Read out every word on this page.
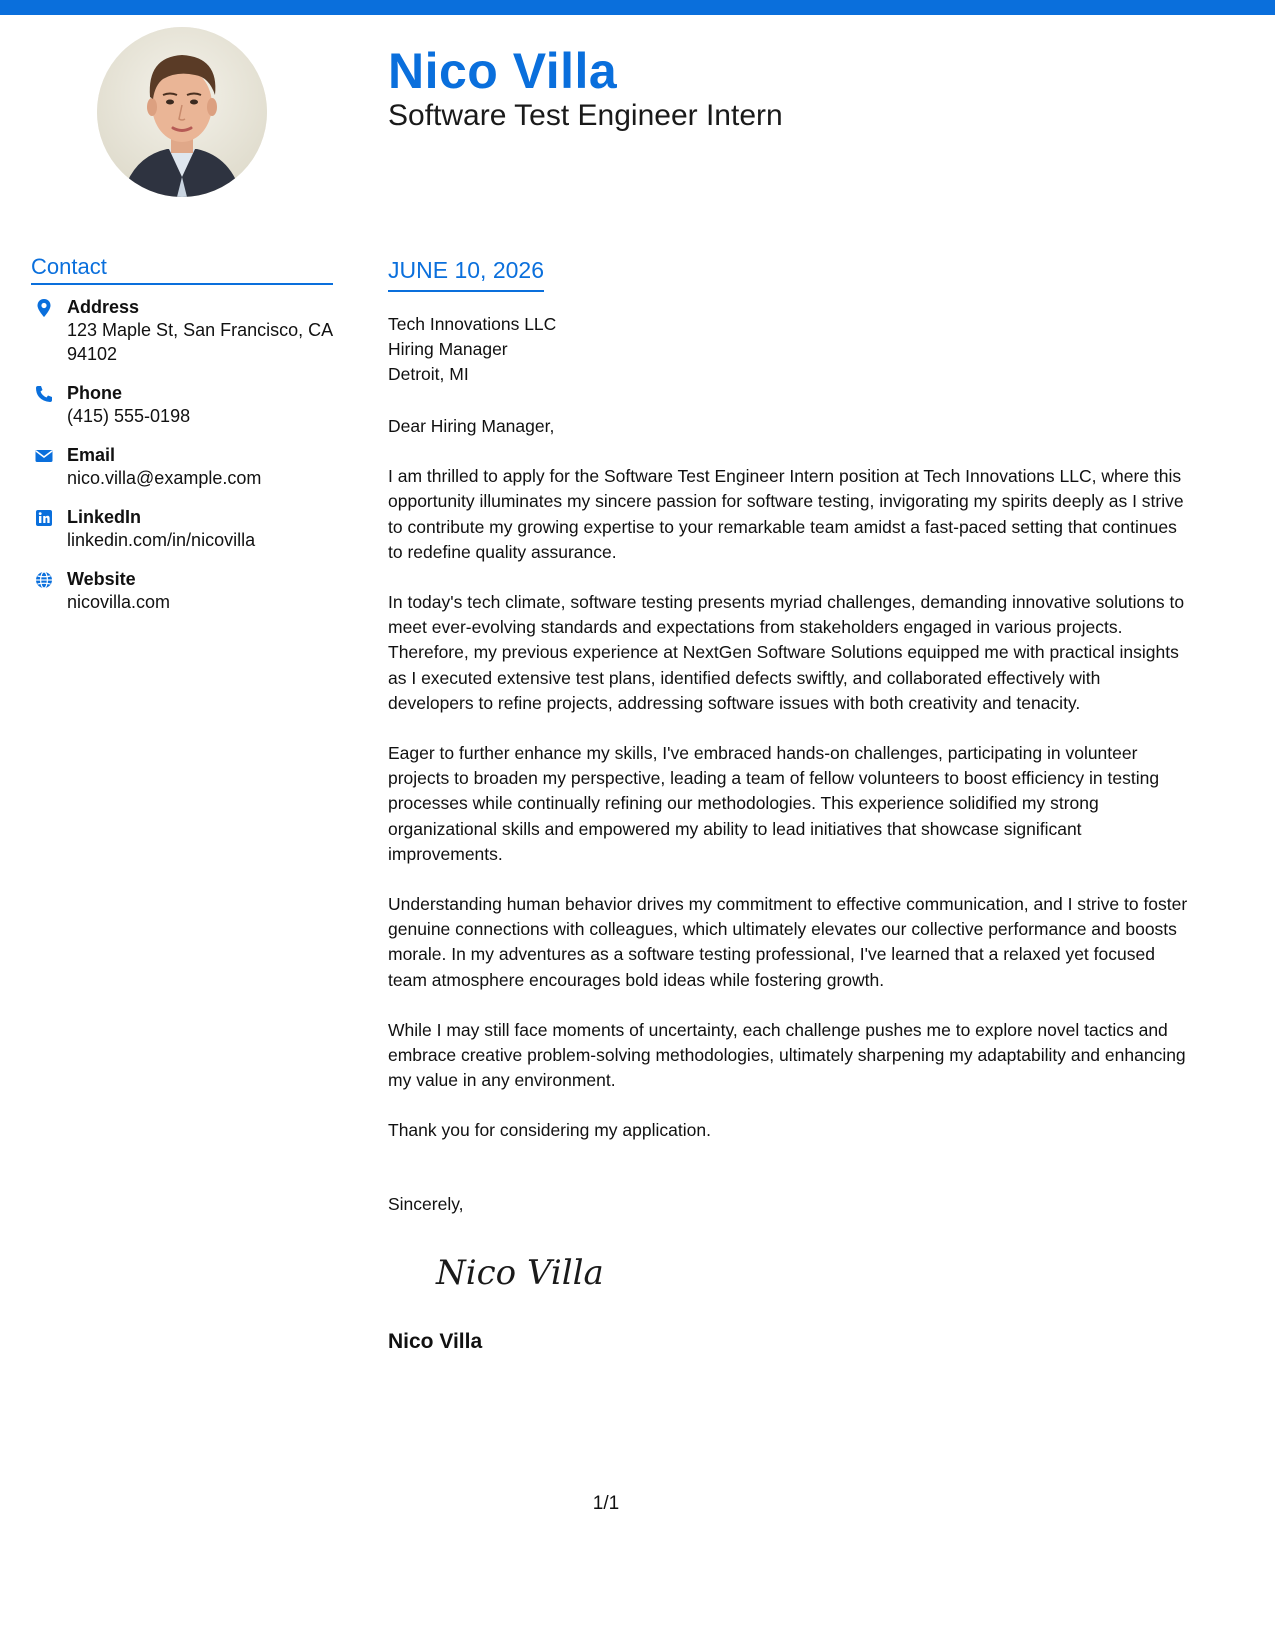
Nico Villa
Software Test Engineer Intern
Contact
Address
123 Maple St, San Francisco, CA 94102
Phone
(415) 555-0198
Email
nico.villa@example.com
LinkedIn
linkedin.com/in/nicovilla
Website
nicovilla.com
JUNE 10, 2026
Tech Innovations LLC
Hiring Manager
Detroit, MI

Dear Hiring Manager,

I am thrilled to apply for the Software Test Engineer Intern position at Tech Innovations LLC, where this opportunity illuminates my sincere passion for software testing, invigorating my spirits deeply as I strive to contribute my growing expertise to your remarkable team amidst a fast-paced setting that continues to redefine quality assurance.

In today's tech climate, software testing presents myriad challenges, demanding innovative solutions to meet ever-evolving standards and expectations from stakeholders engaged in various projects. Therefore, my previous experience at NextGen Software Solutions equipped me with practical insights as I executed extensive test plans, identified defects swiftly, and collaborated effectively with developers to refine projects, addressing software issues with both creativity and tenacity.

Eager to further enhance my skills, I've embraced hands-on challenges, participating in volunteer projects to broaden my perspective, leading a team of fellow volunteers to boost efficiency in testing processes while continually refining our methodologies. This experience solidified my strong organizational skills and empowered my ability to lead initiatives that showcase significant improvements.

Understanding human behavior drives my commitment to effective communication, and I strive to foster genuine connections with colleagues, which ultimately elevates our collective performance and boosts morale. In my adventures as a software testing professional, I've learned that a relaxed yet focused team atmosphere encourages bold ideas while fostering growth.

While I may still face moments of uncertainty, each challenge pushes me to explore novel tactics and embrace creative problem-solving methodologies, ultimately sharpening my adaptability and enhancing my value in any environment.

Thank you for considering my application.

Sincerely,
Nico Villa
Nico Villa
1/1
